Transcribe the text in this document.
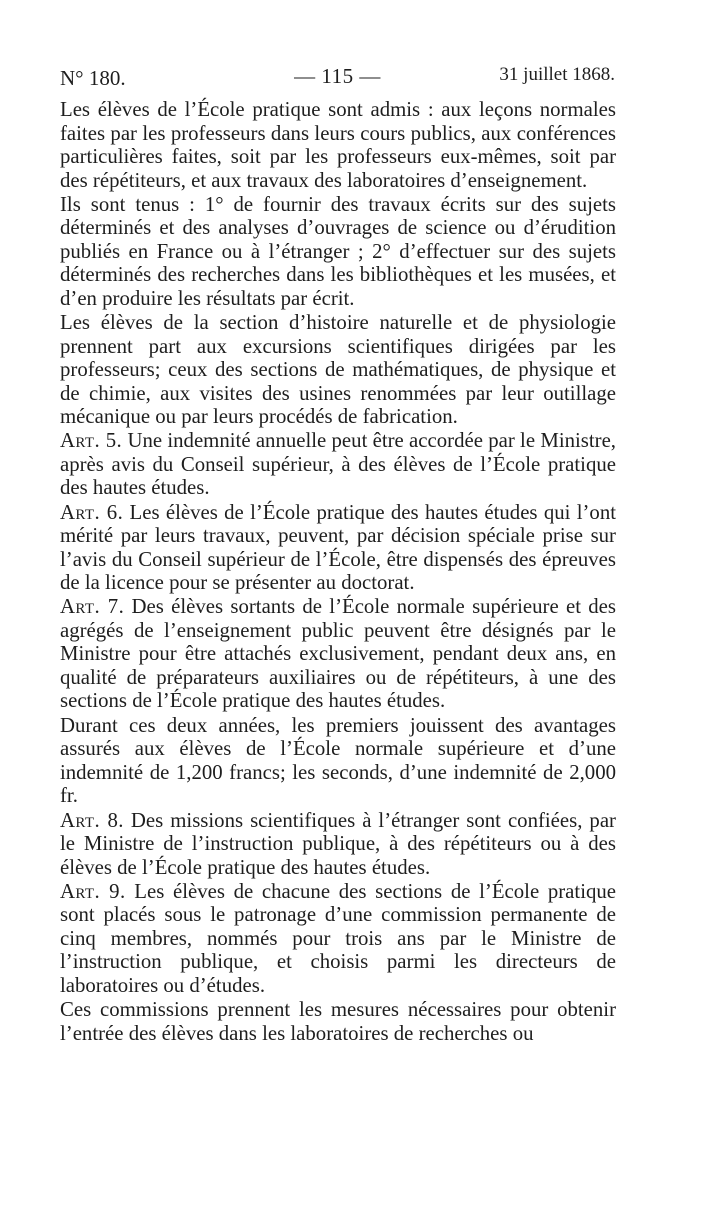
N° 180.	— 115 —	31 juillet 1868.

Les élèves de l’École pratique sont admis : aux leçons normales faites par les professeurs dans leurs cours publics, aux conférences particulières faites, soit par les professeurs eux-mêmes, soit par des répétiteurs, et aux travaux des laboratoires d’enseignement.

Ils sont tenus : 1° de fournir des travaux écrits sur des sujets déterminés et des analyses d’ouvrages de science ou d’érudition publiés en France ou à l’étranger ; 2° d’effectuer sur des sujets déterminés des recherches dans les bibliothèques et les musées, et d’en produire les résultats par écrit.

Les élèves de la section d’histoire naturelle et de physiologie prennent part aux excursions scientifiques dirigées par les professeurs; ceux des sections de mathématiques, de physique et de chimie, aux visites des usines renommées par leur outillage mécanique ou par leurs procédés de fabrication.

Art. 5. Une indemnité annuelle peut être accordée par le Ministre, après avis du Conseil supérieur, à des élèves de l’École pratique des hautes études.

Art. 6. Les élèves de l’École pratique des hautes études qui l’ont mérité par leurs travaux, peuvent, par décision spéciale prise sur l’avis du Conseil supérieur de l’École, être dispensés des épreuves de la licence pour se présenter au doctorat.

Art. 7. Des élèves sortants de l’École normale supérieure et des agrégés de l’enseignement public peuvent être désignés par le Ministre pour être attachés exclusivement, pendant deux ans, en qualité de préparateurs auxiliaires ou de répétiteurs, à une des sections de l’École pratique des hautes études.

Durant ces deux années, les premiers jouissent des avantages assurés aux élèves de l’École normale supérieure et d’une indemnité de 1,200 francs; les seconds, d’une indemnité de 2,000 fr.

Art. 8. Des missions scientifiques à l’étranger sont confiées, par le Ministre de l’instruction publique, à des répétiteurs ou à des élèves de l’École pratique des hautes études.

Art. 9. Les élèves de chacune des sections de l’École pratique sont placés sous le patronage d’une commission permanente de cinq membres, nommés pour trois ans par le Ministre de l’instruction publique, et choisis parmi les directeurs de laboratoires ou d’études.

Ces commissions prennent les mesures nécessaires pour obtenir l’entrée des élèves dans les laboratoires de recherches ou
